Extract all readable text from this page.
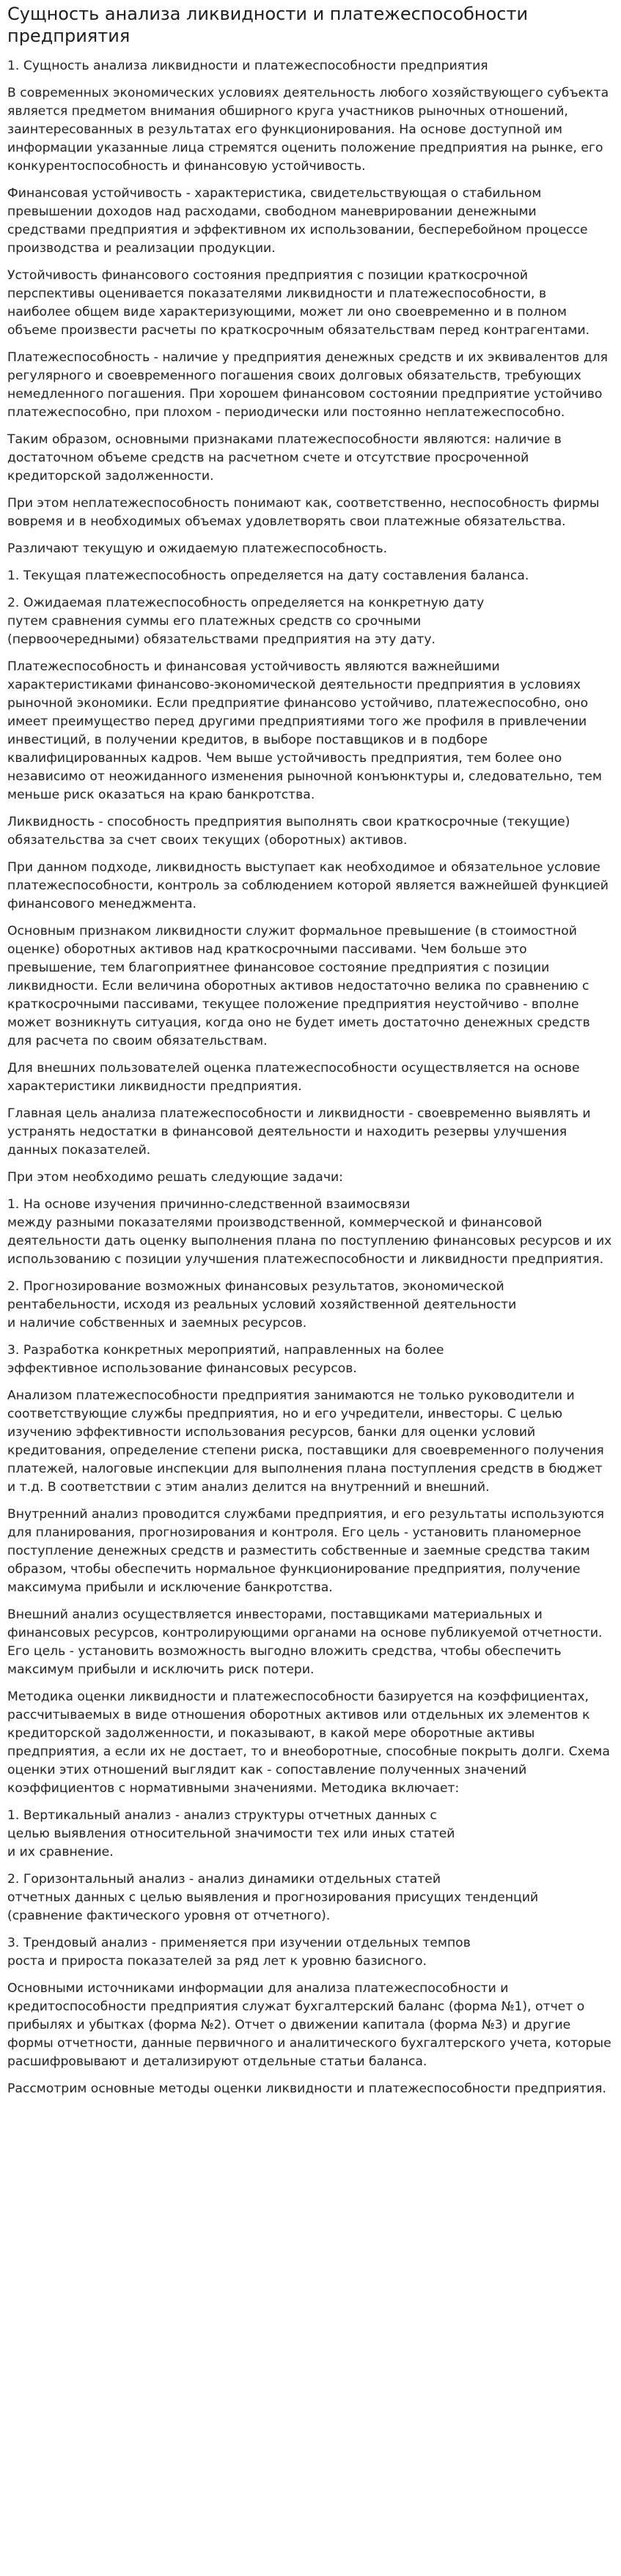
Сущность анализа ликвидности и платежеспособности предприятия

1. Сущность анализа ликвидности и платежеспособности предприятия

В современных экономических условиях деятельность любого хозяйствующего субъекта является предметом внимания обширного круга участников рыночных отношений, заинтересованных в результатах его функционирования. На основе доступной им информации указанные лица стремятся оценить положение предприятия на рынке, его конкурентоспособность и финансовую устойчивость.

Финансовая устойчивость - характеристика, свидетельствующая о стабильном превышении доходов над расходами, свободном маневрировании денежными средствами предприятия и эффективном их использовании, бесперебойном процессе производства и реализации продукции.

Устойчивость финансового состояния предприятия с позиции краткосрочной перспективы оценивается показателями ликвидности и платежеспособности, в наиболее общем виде характеризующими, может ли оно своевременно и в полном объеме произвести расчеты по краткосрочным обязательствам перед контрагентами.

Платежеспособность - наличие у предприятия денежных средств и их эквивалентов для регулярного и своевременного погашения своих долговых обязательств, требующих немедленного погашения. При хорошем финансовом состоянии предприятие устойчиво платежеспособно, при плохом - периодически или постоянно неплатежеспособно.

Таким образом, основными признаками платежеспособности являются: наличие в достаточном объеме средств на расчетном счете и отсутствие просроченной кредиторской задолженности.

При этом неплатежеспособность понимают как, соответственно, неспособность фирмы вовремя и в необходимых объемах удовлетворять свои платежные обязательства.

Различают текущую и ожидаемую платежеспособность.

1. Текущая платежеспособность определяется на дату составления баланса.

2. Ожидаемая платежеспособность определяется на конкретную дату
путем сравнения суммы его платежных средств со срочными
(первоочередными) обязательствами предприятия на эту дату.

Платежеспособность и финансовая устойчивость являются важнейшими характеристиками финансово-экономической деятельности предприятия в условиях рыночной экономики. Если предприятие финансово устойчиво, платежеспособно, оно имеет преимущество перед другими предприятиями того же профиля в привлечении инвестиций, в получении кредитов, в выборе поставщиков и в подборе квалифицированных кадров. Чем выше устойчивость предприятия, тем более оно независимо от неожиданного изменения рыночной конъюнктуры и, следовательно, тем меньше риск оказаться на краю банкротства.

Ликвидность - способность предприятия выполнять свои краткосрочные (текущие) обязательства за счет своих текущих (оборотных) активов.

При данном подходе, ликвидность выступает как необходимое и обязательное условие платежеспособности, контроль за соблюдением которой является важнейшей функцией финансового менеджмента.

Основным признаком ликвидности служит формальное превышение (в стоимостной оценке) оборотных активов над краткосрочными пассивами. Чем больше это превышение, тем благоприятнее финансовое состояние предприятия с позиции ликвидности. Если величина оборотных активов недостаточно велика по сравнению с краткосрочными пассивами, текущее положение предприятия неустойчиво - вполне может возникнуть ситуация, когда оно не будет иметь достаточно денежных средств для расчета по своим обязательствам.

Для внешних пользователей оценка платежеспособности осуществляется на основе характеристики ликвидности предприятия.

Главная цель анализа платежеспособности и ликвидности - своевременно выявлять и устранять недостатки в финансовой деятельности и находить резервы улучшения данных показателей.

При этом необходимо решать следующие задачи:

1. На основе изучения причинно-следственной взаимосвязи
между разными показателями производственной, коммерческой и финансовой деятельности дать оценку выполнения плана по поступлению финансовых ресурсов и их использованию с позиции улучшения платежеспособности и ликвидности предприятия.

2. Прогнозирование возможных финансовых результатов, экономической рентабельности, исходя из реальных условий хозяйственной деятельности
и наличие собственных и заемных ресурсов.

3. Разработка конкретных мероприятий, направленных на более
эффективное использование финансовых ресурсов.

Анализом платежеспособности предприятия занимаются не только руководители и соответствующие службы предприятия, но и его учредители, инвесторы. С целью изучению эффективности использования ресурсов, банки для оценки условий кредитования, определение степени риска, поставщики для своевременного получения платежей, налоговые инспекции для выполнения плана поступления средств в бюджет и т.д. В соответствии с этим анализ делится на внутренний и внешний.

Внутренний анализ проводится службами предприятия, и его результаты используются для планирования, прогнозирования и контроля. Его цель - установить планомерное поступление денежных средств и разместить собственные и заемные средства таким образом, чтобы обеспечить нормальное функционирование предприятия, получение максимума прибыли и исключение банкротства.

Внешний анализ осуществляется инвесторами, поставщиками материальных и финансовых ресурсов, контролирующими органами на основе публикуемой отчетности. Его цель - установить возможность выгодно вложить средства, чтобы обеспечить максимум прибыли и исключить риск потери.

Методика оценки ликвидности и платежеспособности базируется на коэффициентах, рассчитываемых в виде отношения оборотных активов или отдельных их элементов к кредиторской задолженности, и показывают, в какой мере оборотные активы предприятия, а если их не достает, то и внеоборотные, способные покрыть долги. Схема оценки этих отношений выглядит как - сопоставление полученных значений коэффициентов с нормативными значениями. Методика включает:

1. Вертикальный анализ - анализ структуры отчетных данных с
целью выявления относительной значимости тех или иных статей
и их сравнение.

2. Горизонтальный анализ - анализ динамики отдельных статей
отчетных данных с целью выявления и прогнозирования присущих тенденций (сравнение фактического уровня от отчетного).

3. Трендовый анализ - применяется при изучении отдельных темпов
роста и прироста показателей за ряд лет к уровню базисного.

Основными источниками информации для анализа платежеспособности и кредитоспособности предприятия служат бухгалтерский баланс (форма №1), отчет о прибылях и убытках (форма №2). Отчет о движении капитала (форма №3) и другие формы отчетности, данные первичного и аналитического бухгалтерского учета, которые расшифровывают и детализируют отдельные статьи баланса.

Рассмотрим основные методы оценки ликвидности и платежеспособности предприятия.
